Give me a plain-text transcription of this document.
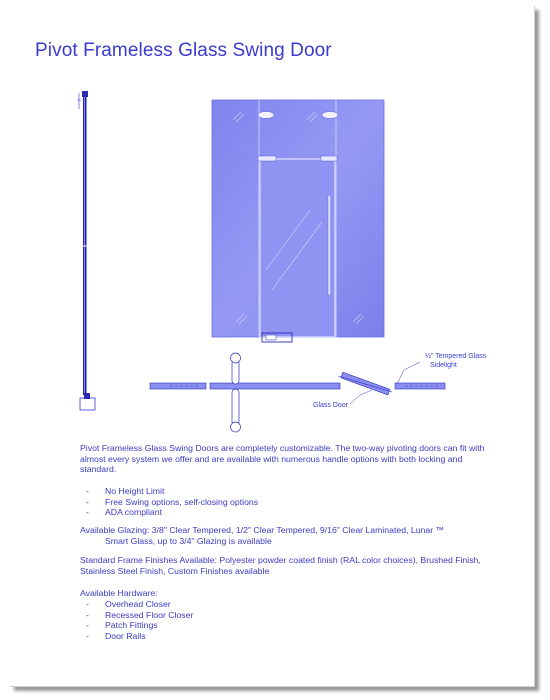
Pivot Frameless Glass Swing Door
½" Tempered Glass
Sidelight
Glass Door

Pivot Frameless Glass Swing Doors are completely customizable. The two-way pivoting doors can fit with almost every system we offer and are available with numerous handle options with both locking and standard.

- No Height Limit
- Free Swing options, self-closing options
- ADA compliant

Available Glazing: 3/8" Clear Tempered, 1/2" Clear Tempered, 9/16" Clear Laminated, Lunar ™
Smart Glass, up to 3/4" Glazing is available

Standard Frame Finishes Available: Polyester powder coated finish (RAL color choices), Brushed Finish, Stainless Steel Finish, Custom Finishes available

Available Hardware:

- Overhead Closer
- Recessed Floor Closer
- Patch Fittings
- Door Rails
